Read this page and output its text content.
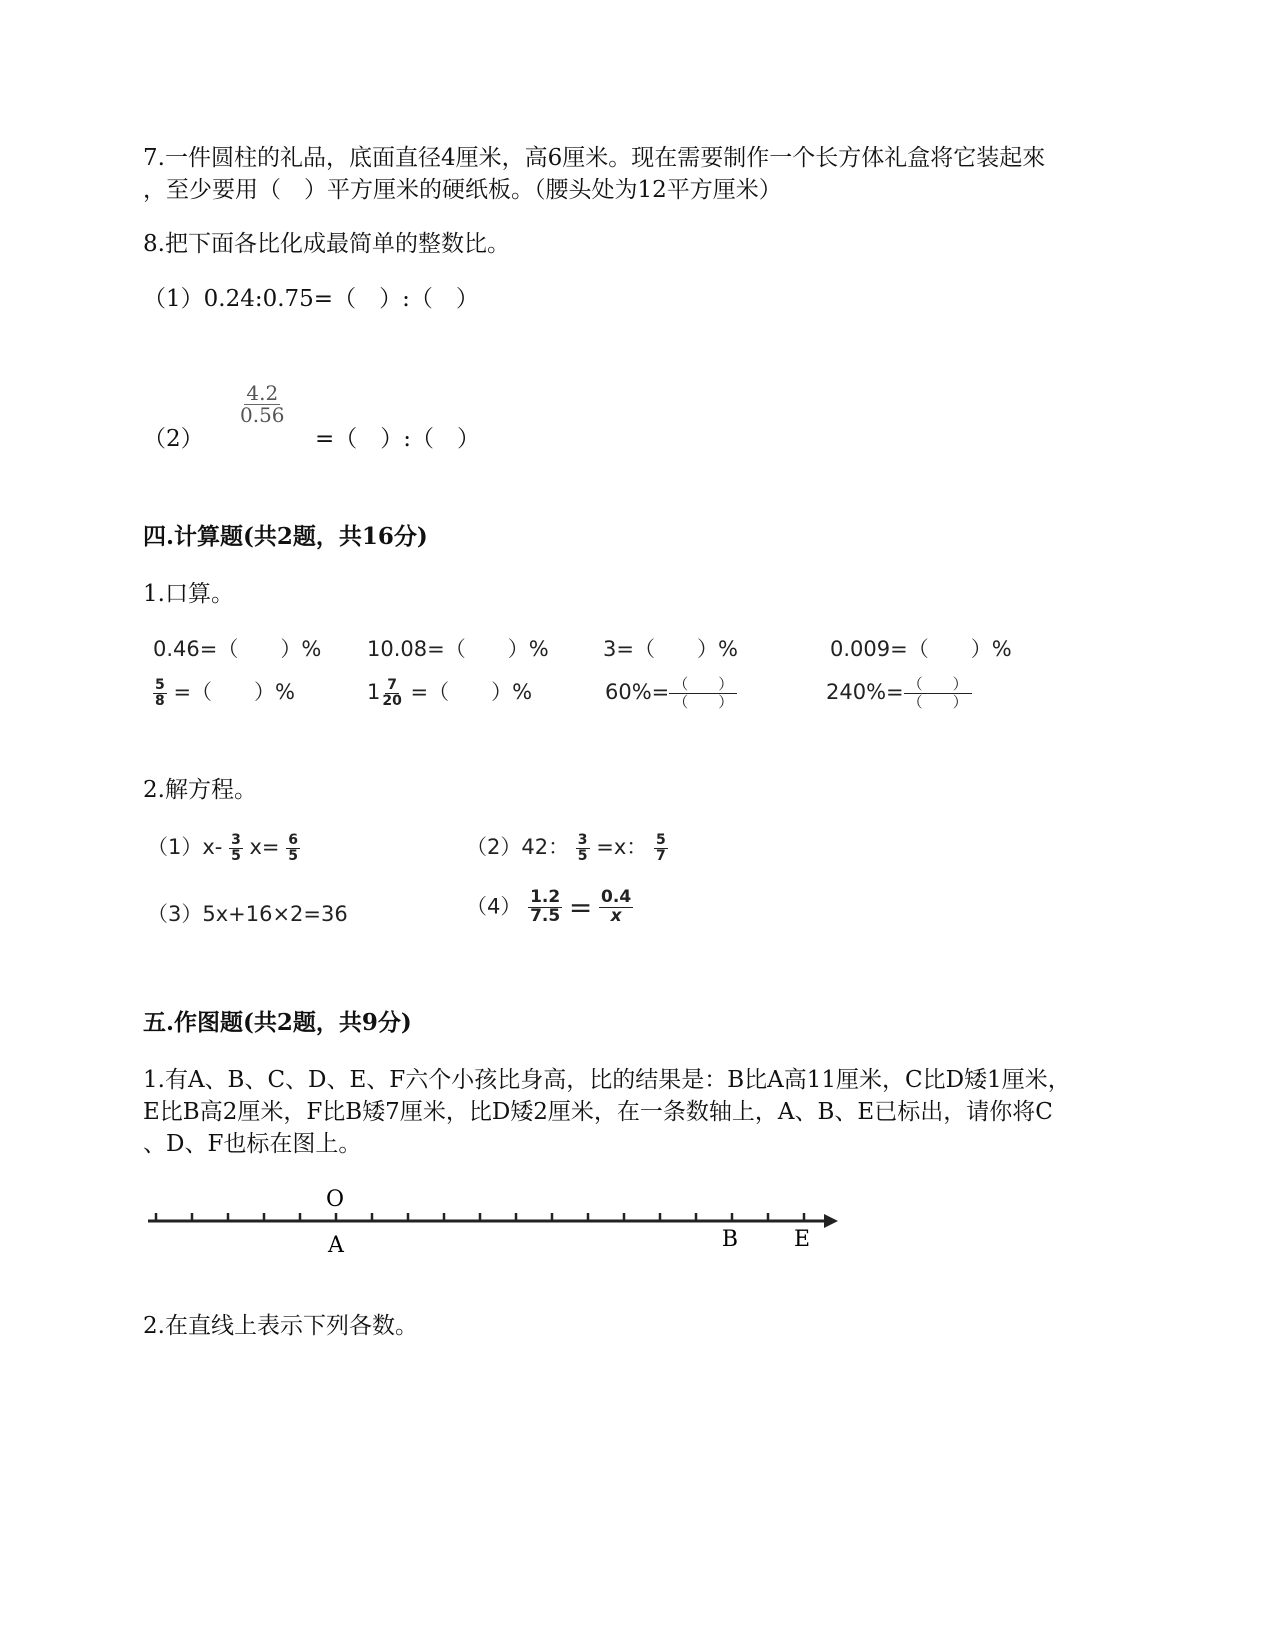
7.一件圆柱的礼品，底面直径4厘米，高6厘米。现在需要制作一个长方体礼盒将它装起來
，至少要用（　）平方厘米的硬纸板。（腰头处为12平方厘米）
8.把下面各比化成最简单的整数比。
（1）0.24:0.75=（　）:（　）
（2）
$\frac{4.2}{0.56}$
=（　）:（　）
四.计算题(共2题，共16分)
1.口算。
0.46=（　　）% 10.08=（　　）%	3=（　　）%	0.009=（　　）%
$\frac{5}{8}$ =（　　）%	$1 \frac{7}{20}$ =（　　）%	$60\%= \frac{( )}{( )}$	$240\%= \frac{( )}{( )}$
2.解方程。
$(1)x- \frac{3}{5} x= \frac{6}{5}$	（2）42： $\frac{3}{5} =x$： $\frac{5}{7}$
（3）5x+16×2=36	$(4) \frac{1.2}{7.5} = \frac{0.4}{x}$
五.作图题(共2题，共9分)
1.有A、B、C、D、E、F六个小孩比身高，比的结果是：B比A高11厘米，C比D矮1厘米，
E比B高2厘米，F比B矮7厘米，比D矮2厘米，在一条数轴上，A、B、E已标出，请你将C
、D、F也标在图上。
O
A	B	E
2.在直线上表示下列各数。
